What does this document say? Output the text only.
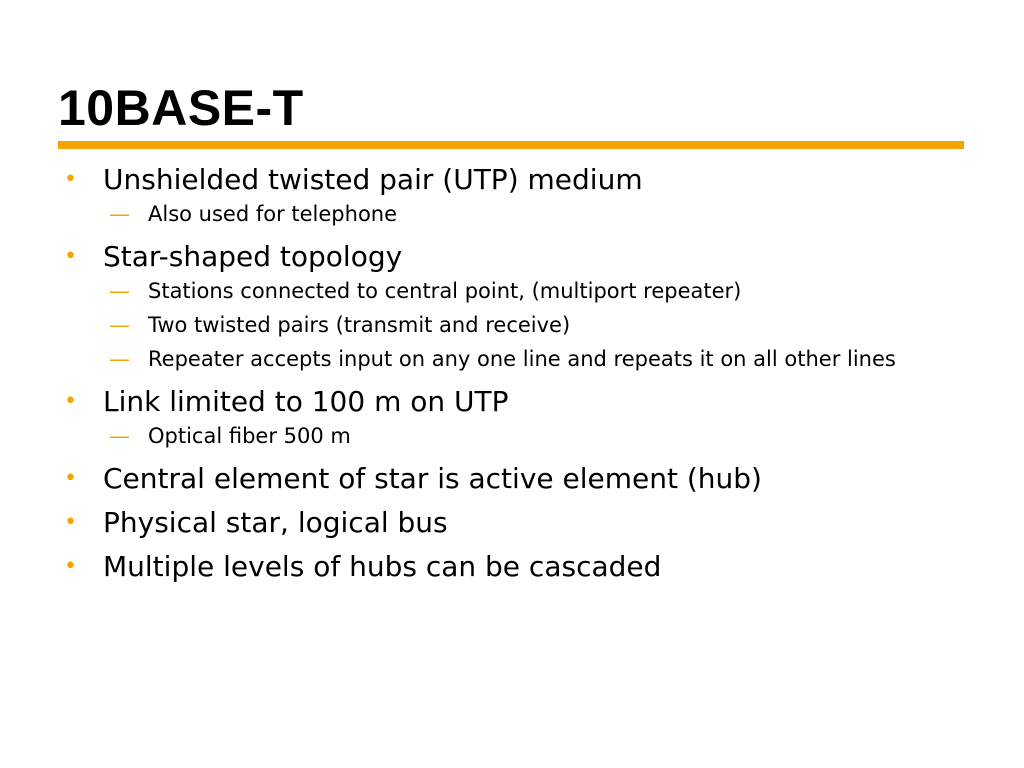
10BASE-T
• Unshielded twisted pair (UTP) medium
— Also used for telephone
• Star-shaped topology
— Stations connected to central point, (multiport repeater)
— Two twisted pairs (transmit and receive)
— Repeater accepts input on any one line and repeats it on all other lines
• Link limited to 100 m on UTP
— Optical fiber 500 m
• Central element of star is active element (hub)
• Physical star, logical bus
• Multiple levels of hubs can be cascaded
